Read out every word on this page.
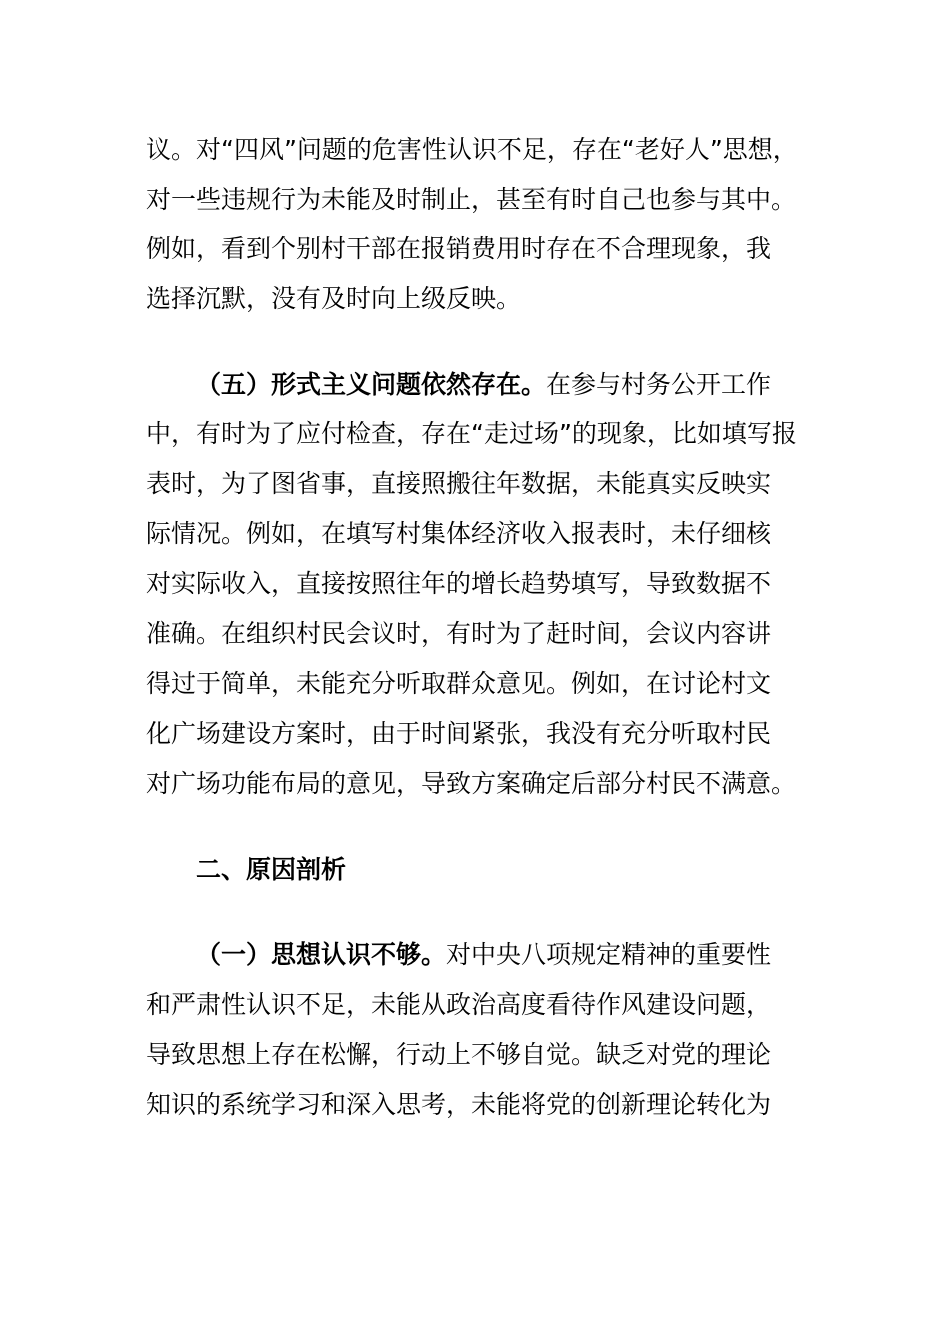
议。对“四风”问题的危害性认识不足，存在“老好人”思想，
对一些违规行为未能及时制止，甚至有时自己也参与其中。
例如，看到个别村干部在报销费用时存在不合理现象，我
选择沉默，没有及时向上级反映。
（五）形式主义问题依然存在。在参与村务公开工作
中，有时为了应付检查，存在“走过场”的现象，比如填写报
表时，为了图省事，直接照搬往年数据，未能真实反映实
际情况。例如，在填写村集体经济收入报表时，未仔细核
对实际收入，直接按照往年的增长趋势填写，导致数据不
准确。在组织村民会议时，有时为了赶时间，会议内容讲
得过于简单，未能充分听取群众意见。例如，在讨论村文
化广场建设方案时，由于时间紧张，我没有充分听取村民
对广场功能布局的意见，导致方案确定后部分村民不满意。
二、原因剖析
（一）思想认识不够。对中央八项规定精神的重要性
和严肃性认识不足，未能从政治高度看待作风建设问题，
导致思想上存在松懈，行动上不够自觉。缺乏对党的理论
知识的系统学习和深入思考，未能将党的创新理论转化为
